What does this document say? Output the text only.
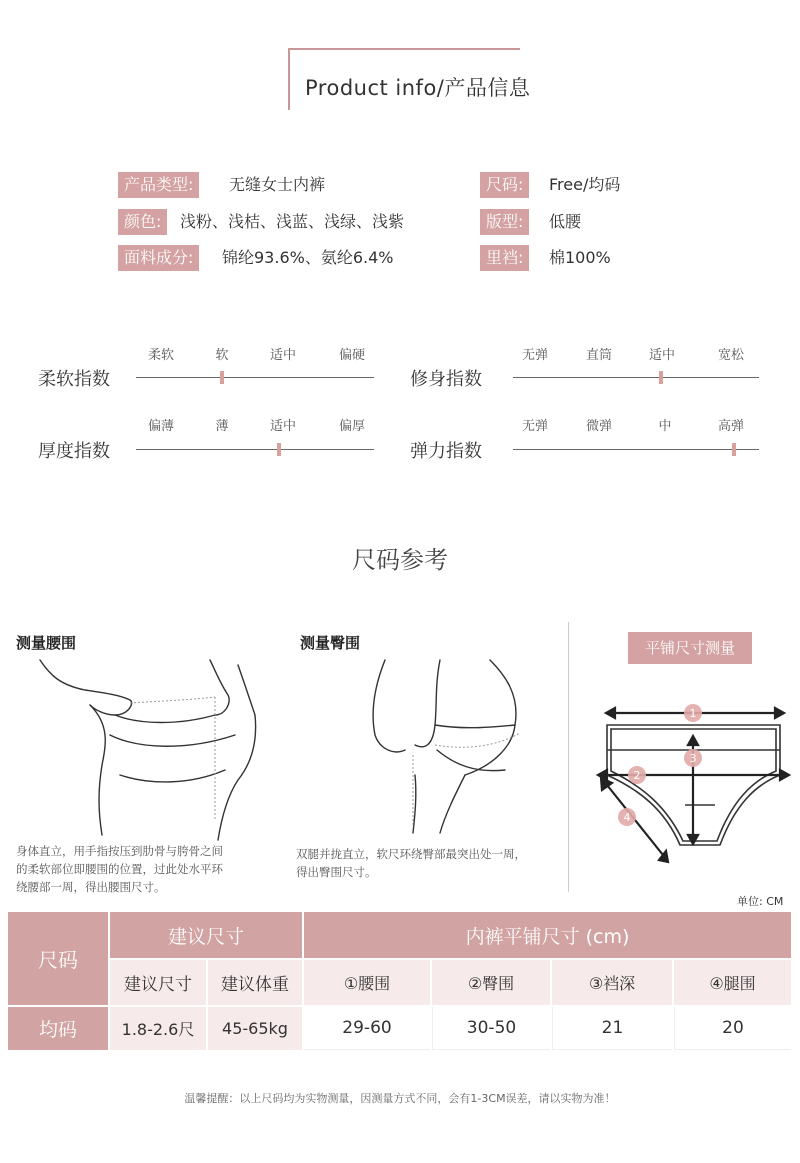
Product info/产品信息
产品类型:	无缝女士内裤	尺码:	Free/均码
颜色:	浅粉、浅桔、浅蓝、浅绿、浅紫	版型:	低腰
面料成分:	锦纶93.6%、氨纶6.4%	里裆:	棉100%
柔软指数
柔软	软	适中	偏硬
修身指数
无弹	直筒	适中	宽松
厚度指数
偏薄	薄	适中	偏厚
弹力指数
无弹	微弹	中	高弹
尺码参考
测量腰围	测量臀围
身体直立，用手指按压到肋骨与胯骨之间
的柔软部位即腰围的位置，过此处水平环
绕腰部一周，得出腰围尺寸。
双腿并拢直立，软尺环绕臀部最突出处一周，
得出臀围尺寸。
平铺尺寸测量
1
2
3
4
单位: CM
尺码
建议尺寸	内裤平铺尺寸 (cm)
建议尺寸	建议体重	①腰围	②臀围	③裆深	④腿围
均码	1.8-2.6尺	45-65kg	29-60	30-50	21	20
温馨提醒：以上尺码均为实物测量，因测量方式不同，会有1-3CM误差，请以实物为准！
